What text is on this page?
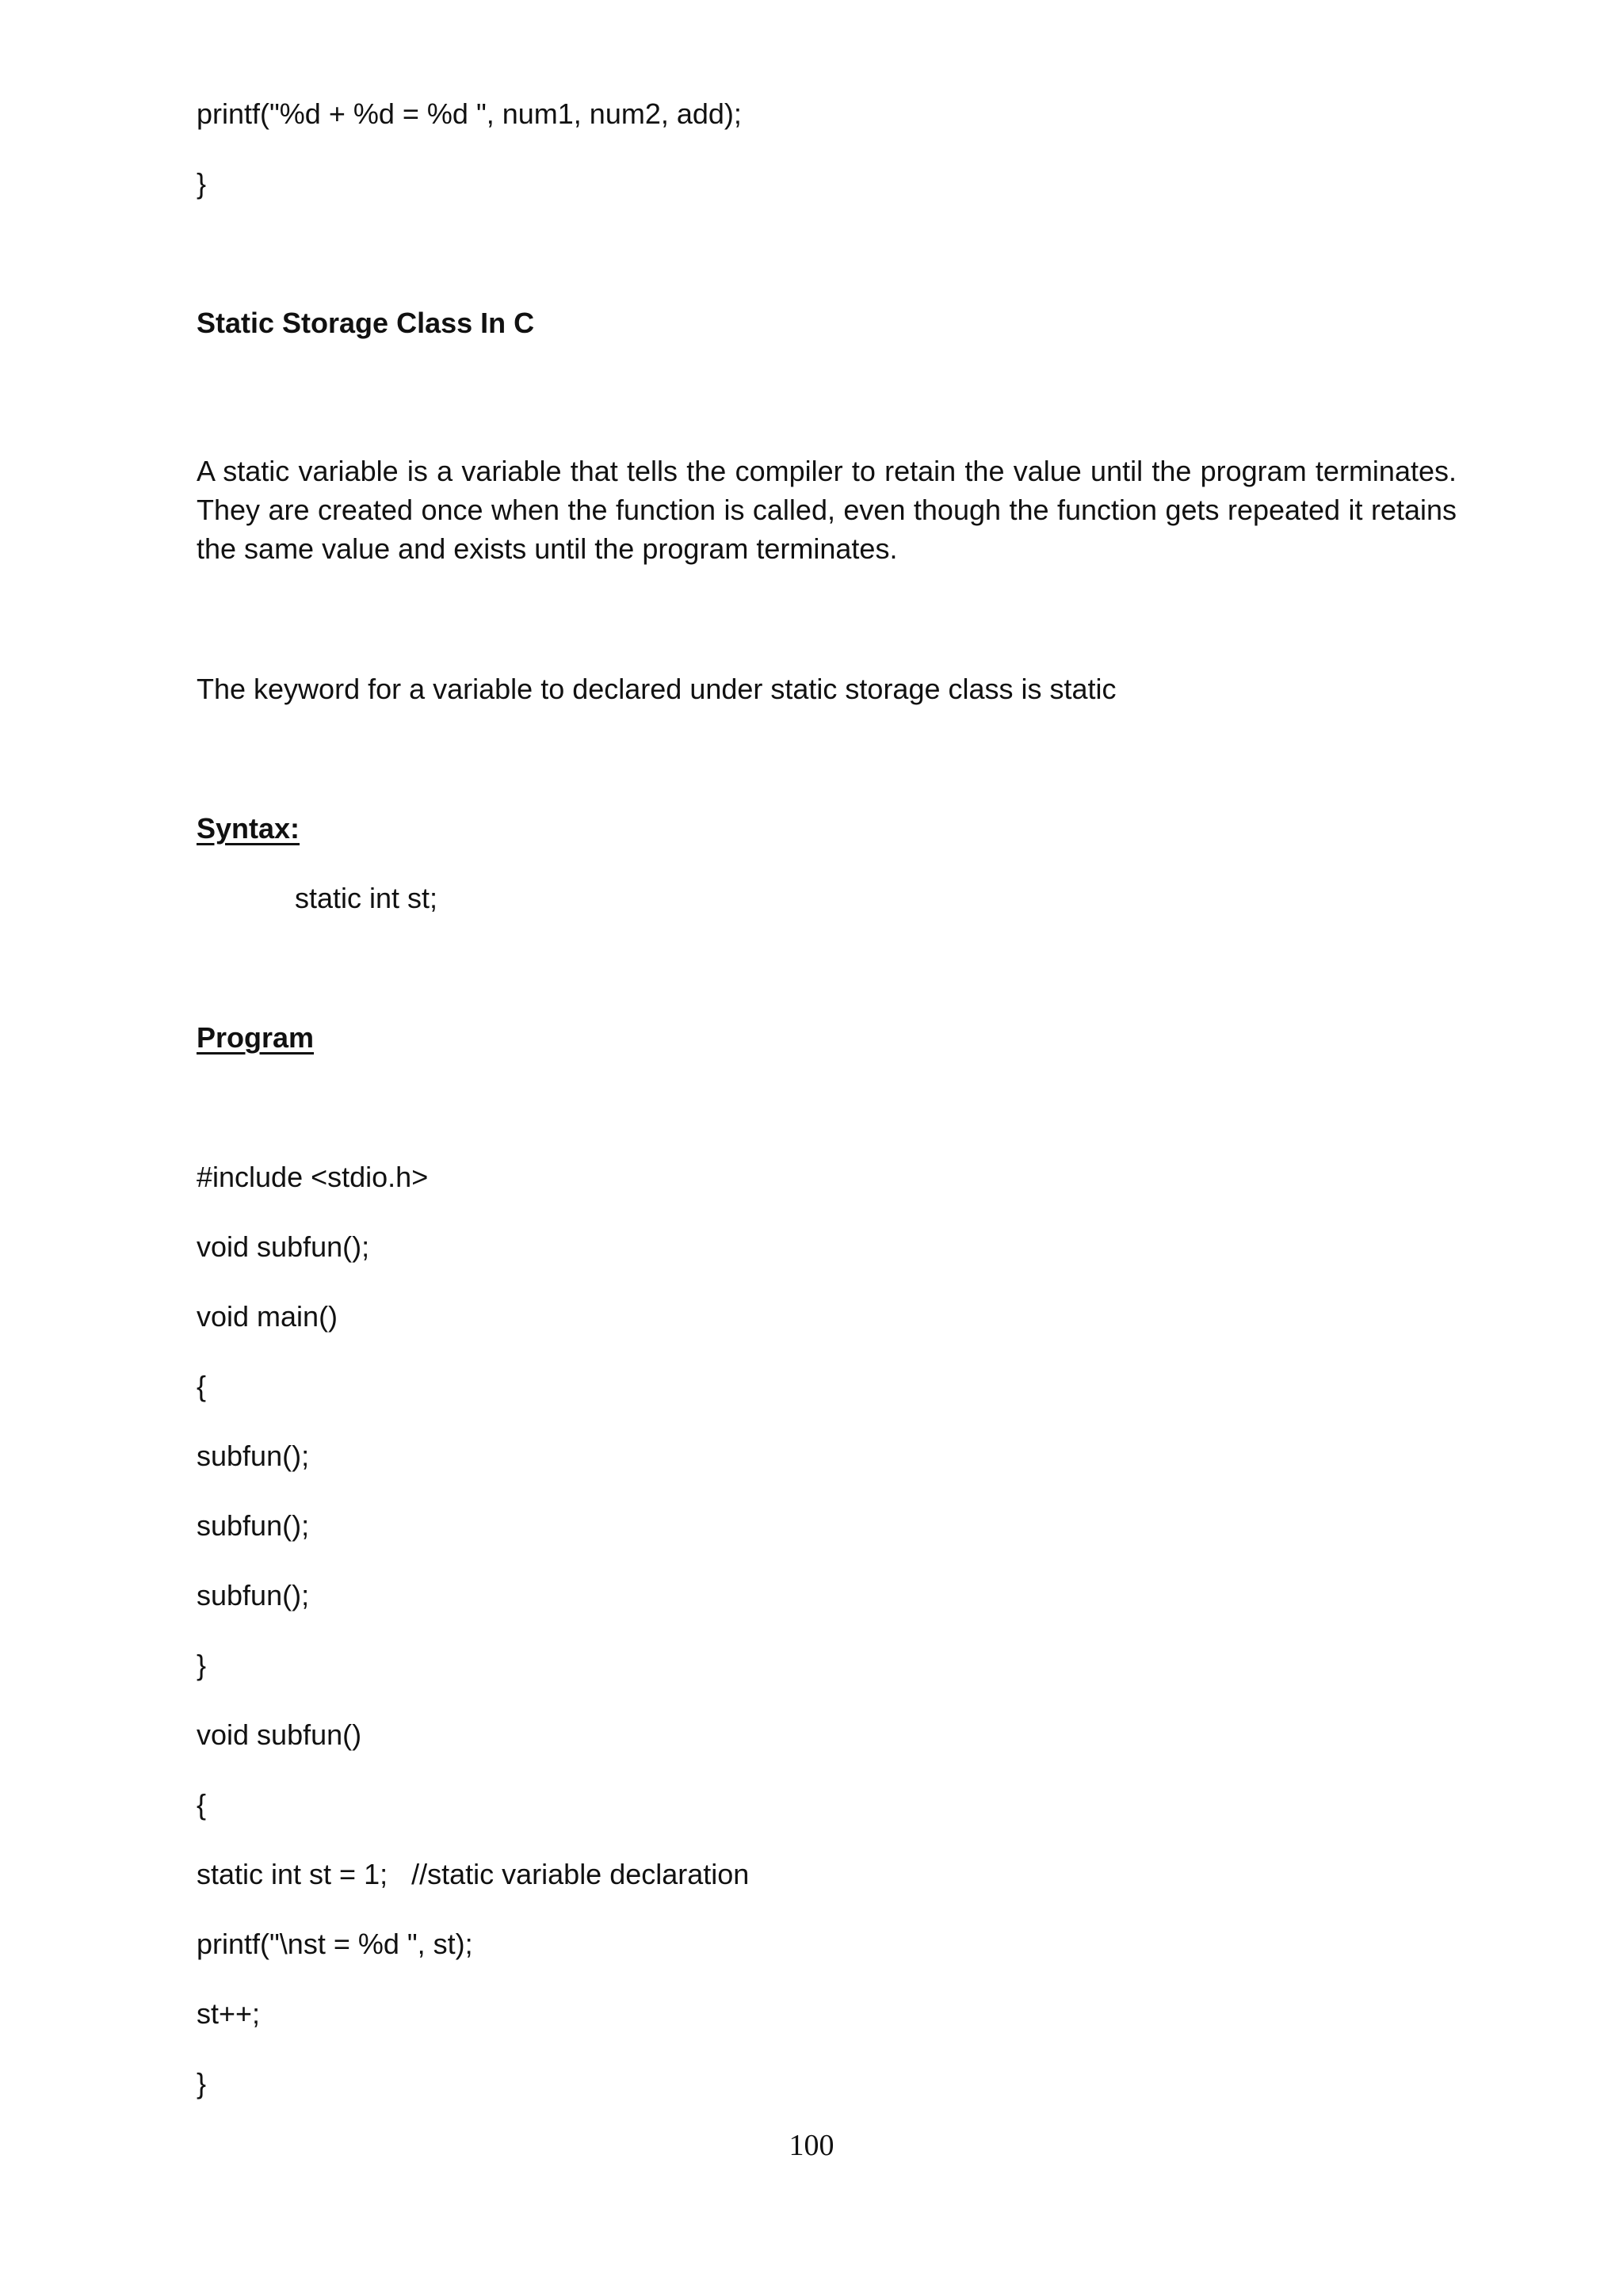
printf("%d + %d = %d ", num1, num2, add);
}
Static Storage Class In C
A static variable is a variable that tells the compiler to retain the value until the program terminates. They are created once when the function is called, even though the function gets repeated it retains the same value and exists until the program terminates.
The keyword for a variable to declared under static storage class is static
Syntax:
static int st;
Program
#include <stdio.h>
void subfun();
void main()
{
subfun();
subfun();
subfun();
}
void subfun()
{
static int st = 1;   //static variable declaration
printf("\nst = %d ", st);
st++;
}
100
